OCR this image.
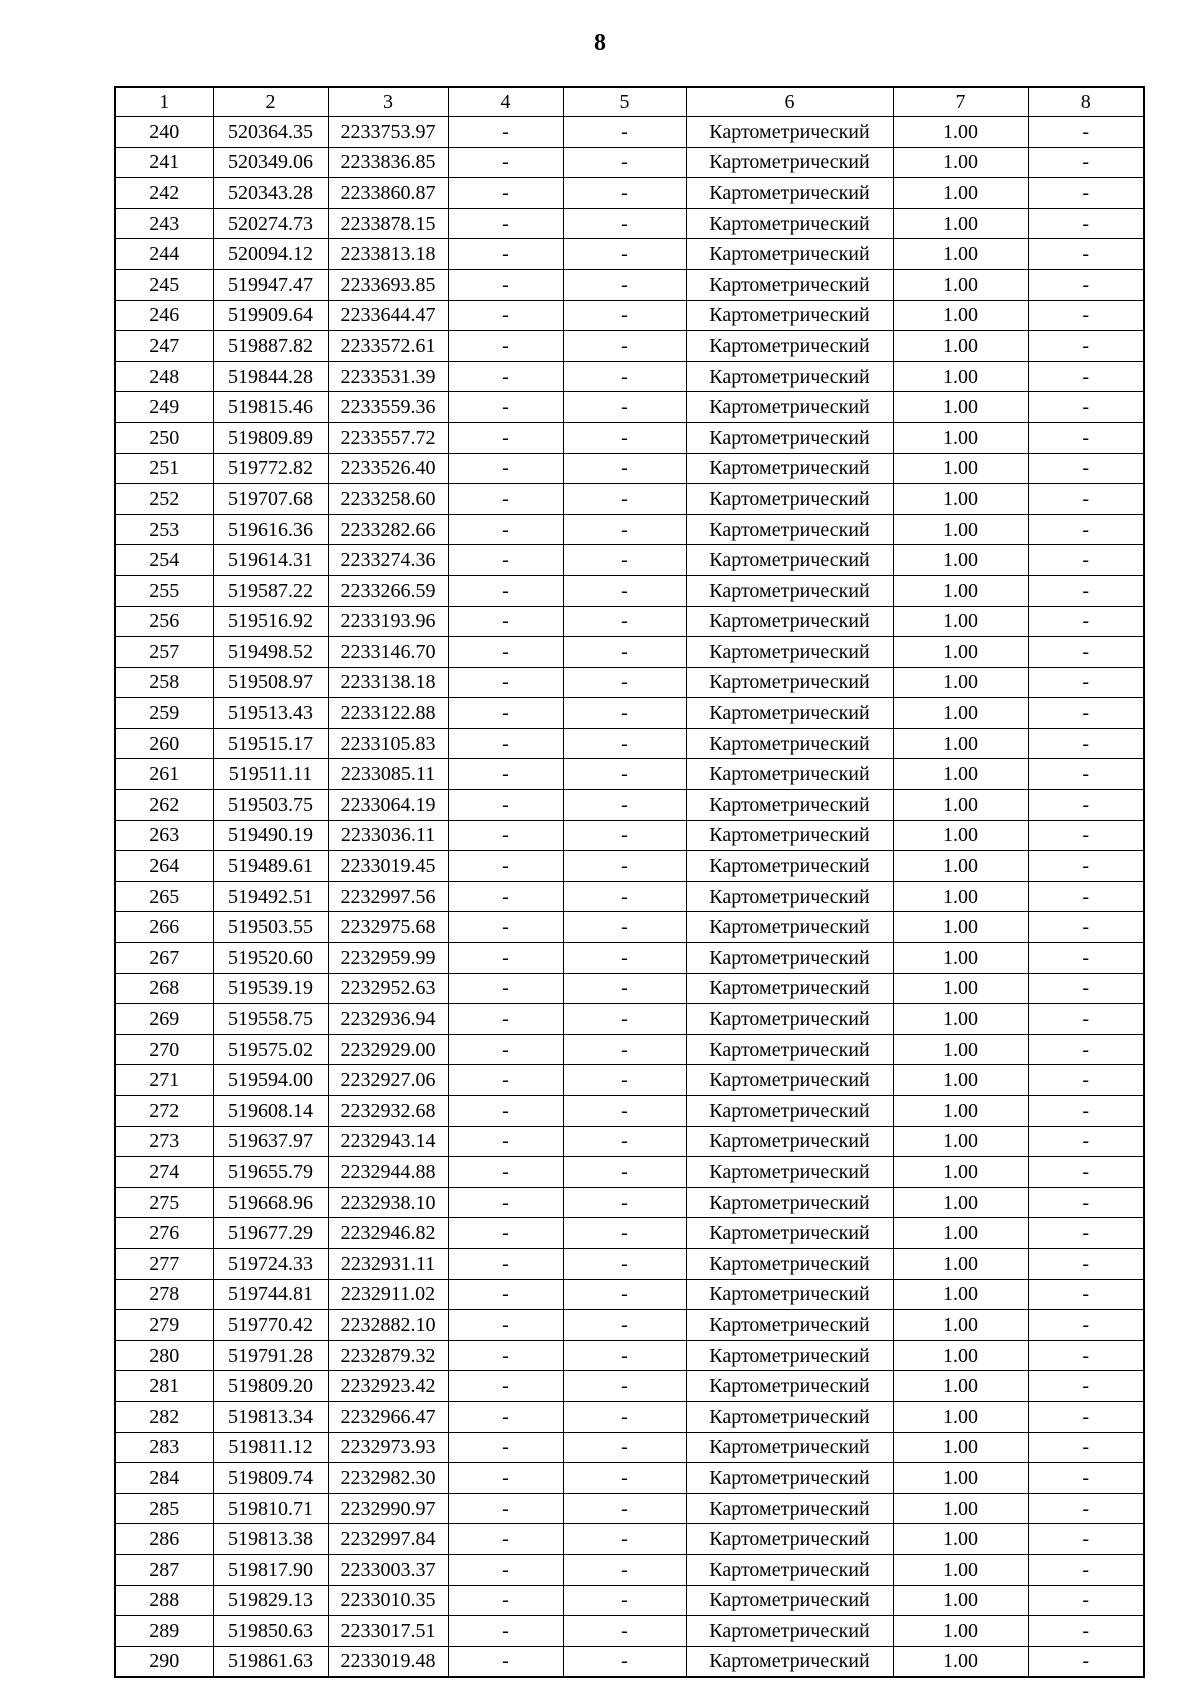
8
1	2	3	4	5	6	7	8
240	520364.35	2233753.97	-	-	Картометрический	1.00	-
241	520349.06	2233836.85	-	-	Картометрический	1.00	-
242	520343.28	2233860.87	-	-	Картометрический	1.00	-
243	520274.73	2233878.15	-	-	Картометрический	1.00	-
244	520094.12	2233813.18	-	-	Картометрический	1.00	-
245	519947.47	2233693.85	-	-	Картометрический	1.00	-
246	519909.64	2233644.47	-	-	Картометрический	1.00	-
247	519887.82	2233572.61	-	-	Картометрический	1.00	-
248	519844.28	2233531.39	-	-	Картометрический	1.00	-
249	519815.46	2233559.36	-	-	Картометрический	1.00	-
250	519809.89	2233557.72	-	-	Картометрический	1.00	-
251	519772.82	2233526.40	-	-	Картометрический	1.00	-
252	519707.68	2233258.60	-	-	Картометрический	1.00	-
253	519616.36	2233282.66	-	-	Картометрический	1.00	-
254	519614.31	2233274.36	-	-	Картометрический	1.00	-
255	519587.22	2233266.59	-	-	Картометрический	1.00	-
256	519516.92	2233193.96	-	-	Картометрический	1.00	-
257	519498.52	2233146.70	-	-	Картометрический	1.00	-
258	519508.97	2233138.18	-	-	Картометрический	1.00	-
259	519513.43	2233122.88	-	-	Картометрический	1.00	-
260	519515.17	2233105.83	-	-	Картометрический	1.00	-
261	519511.11	2233085.11	-	-	Картометрический	1.00	-
262	519503.75	2233064.19	-	-	Картометрический	1.00	-
263	519490.19	2233036.11	-	-	Картометрический	1.00	-
264	519489.61	2233019.45	-	-	Картометрический	1.00	-
265	519492.51	2232997.56	-	-	Картометрический	1.00	-
266	519503.55	2232975.68	-	-	Картометрический	1.00	-
267	519520.60	2232959.99	-	-	Картометрический	1.00	-
268	519539.19	2232952.63	-	-	Картометрический	1.00	-
269	519558.75	2232936.94	-	-	Картометрический	1.00	-
270	519575.02	2232929.00	-	-	Картометрический	1.00	-
271	519594.00	2232927.06	-	-	Картометрический	1.00	-
272	519608.14	2232932.68	-	-	Картометрический	1.00	-
273	519637.97	2232943.14	-	-	Картометрический	1.00	-
274	519655.79	2232944.88	-	-	Картометрический	1.00	-
275	519668.96	2232938.10	-	-	Картометрический	1.00	-
276	519677.29	2232946.82	-	-	Картометрический	1.00	-
277	519724.33	2232931.11	-	-	Картометрический	1.00	-
278	519744.81	2232911.02	-	-	Картометрический	1.00	-
279	519770.42	2232882.10	-	-	Картометрический	1.00	-
280	519791.28	2232879.32	-	-	Картометрический	1.00	-
281	519809.20	2232923.42	-	-	Картометрический	1.00	-
282	519813.34	2232966.47	-	-	Картометрический	1.00	-
283	519811.12	2232973.93	-	-	Картометрический	1.00	-
284	519809.74	2232982.30	-	-	Картометрический	1.00	-
285	519810.71	2232990.97	-	-	Картометрический	1.00	-
286	519813.38	2232997.84	-	-	Картометрический	1.00	-
287	519817.90	2233003.37	-	-	Картометрический	1.00	-
288	519829.13	2233010.35	-	-	Картометрический	1.00	-
289	519850.63	2233017.51	-	-	Картометрический	1.00	-
290	519861.63	2233019.48	-	-	Картометрический	1.00	-
